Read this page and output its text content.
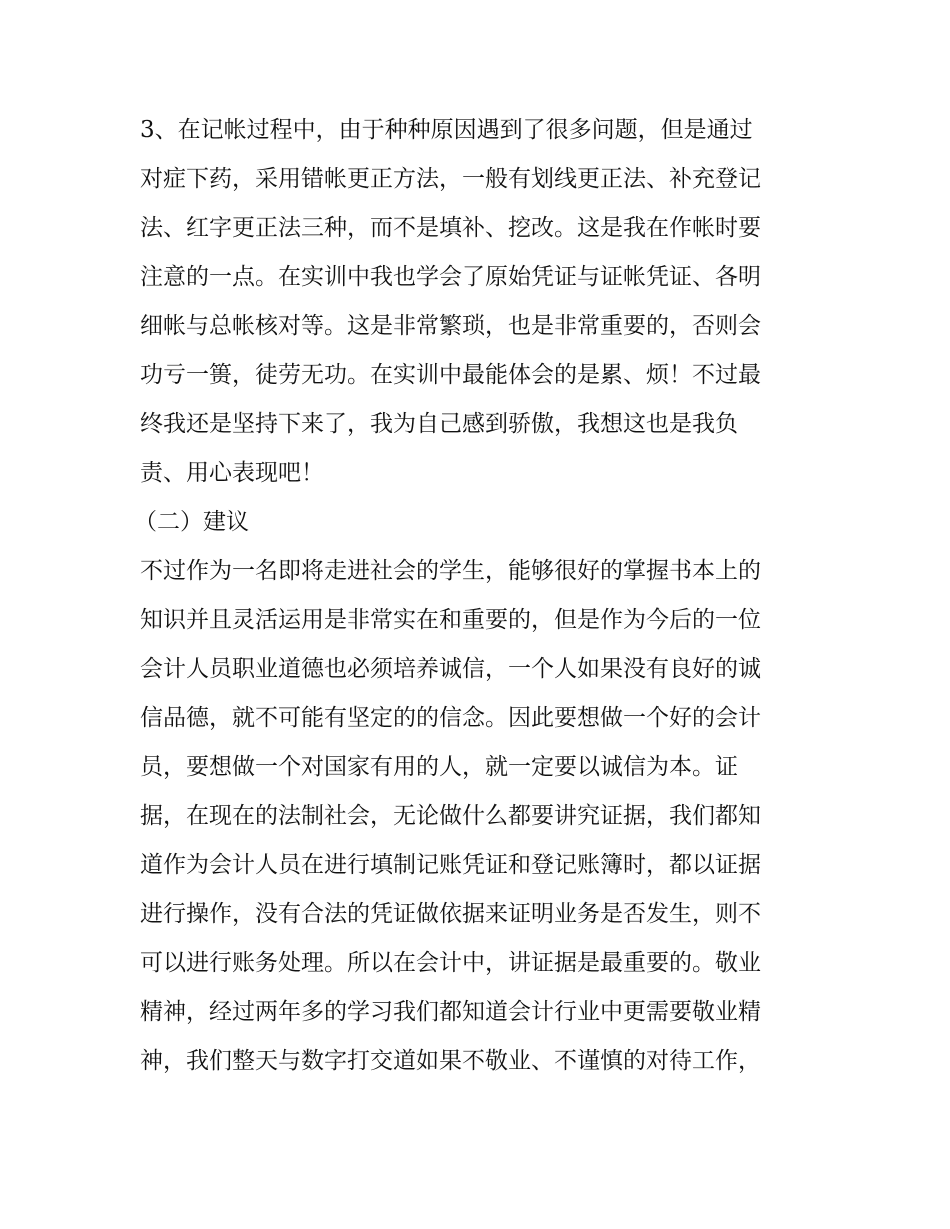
3、在记帐过程中，由于种种原因遇到了很多问题，但是通过

对症下药，采用错帐更正方法，一般有划线更正法、补充登记

法、红字更正法三种，而不是填补、挖改。这是我在作帐时要

注意的一点。在实训中我也学会了原始凭证与证帐凭证、各明

细帐与总帐核对等。这是非常繁琐，也是非常重要的，否则会

功亏一篑，徒劳无功。在实训中最能体会的是累、烦！不过最

终我还是坚持下来了，我为自己感到骄傲，我想这也是我负

责、用心表现吧！

（二）建议

不过作为一名即将走进社会的学生，能够很好的掌握书本上的

知识并且灵活运用是非常实在和重要的，但是作为今后的一位

会计人员职业道德也必须培养诚信，一个人如果没有良好的诚

信品德，就不可能有坚定的的信念。因此要想做一个好的会计

员，要想做一个对国家有用的人，就一定要以诚信为本。证

据，在现在的法制社会，无论做什么都要讲究证据，我们都知

道作为会计人员在进行填制记账凭证和登记账簿时，都以证据

进行操作，没有合法的凭证做依据来证明业务是否发生，则不

可以进行账务处理。所以在会计中，讲证据是最重要的。敬业

精神，经过两年多的学习我们都知道会计行业中更需要敬业精

神，我们整天与数字打交道如果不敬业、不谨慎的对待工作，
